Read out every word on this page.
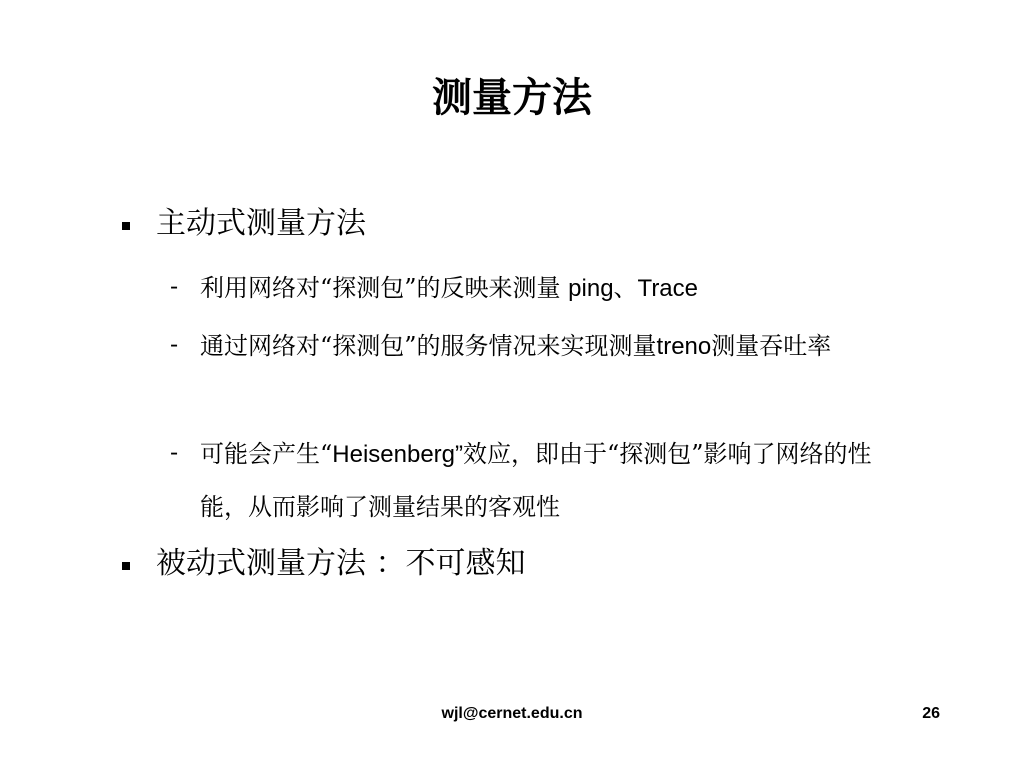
测量方法
主动式测量方法
- 利用网络对“探测包”的反映来测量 ping、Trace
- 通过网络对“探测包”的服务情况来实现测量treno测量吞吐率
- 可能会产生“Heisenberg”效应，即由于“探测包”影响了网络的性能，从而影响了测量结果的客观性
被动式测量方法 ：不可感知
wjl@cernet.edu.cn	26
